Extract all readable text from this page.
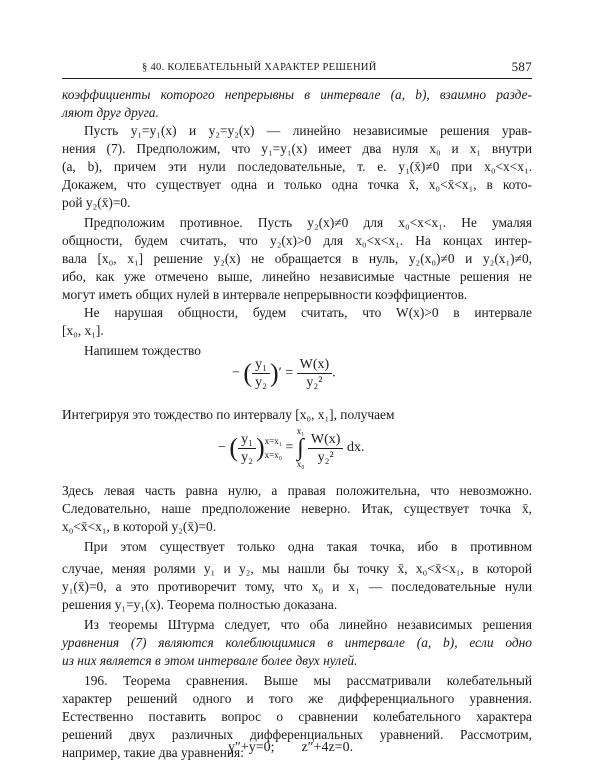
§ 40. КОЛЕБАТЕЛЬНЫЙ ХАРАКТЕР РЕШЕНИЙ	587
коэффициенты которого непрерывны в интервале (a, b), взаимно разде-
ляют друг друга.
Пусть y₁=y₁(x) и y₂=y₂(x) — линейно независимые решения урав-
нения (7). Предположим, что y₁=y₁(x) имеет два нуля x₀ и x₁ внутри
(a, b), причем эти нули последовательные, т. е. y₁(x̄)≠0 при x₀<x<x₁.
Докажем, что существует одна и только одна точка x̄, x₀<x̄<x₁, в кото-
рой y₂(x̄)=0.
Предположим противное. Пусть y₂(x)≠0 для x₀<x<x₁. Не умаляя
общности, будем считать, что y₂(x)>0 для x₀<x<x₁. На концах интер-
вала [x₀, x₁] решение y₂(x) не обращается в нуль, y₂(x₀)≠0 и y₂(x₁)≠0,
ибо, как уже отмечено выше, линейно независимые частные решения не
могут иметь общих нулей в интервале непрерывности коэффициентов.
Не нарушая общности, будем считать, что W(x)>0 в интервале
[x₀, x₁].
Напишем тождество
− ( $\frac{\text{y₁}}{\text{y₂}}$ )′ = $\frac{W(x)}{\text{y₂²}}$ .
Интегрируя это тождество по интервалу [x₀, x₁], получаем
− ( $\frac{\text{y₁}}{\text{y₂}}$ ) x=x₁
x=x₀ =
x₁
∫
x₀
$\frac{W(x)}{\text{y₂²}}$ dx.
Здесь левая часть равна нулю, а правая положительна, что невозможно.
Следовательно, наше предположение неверно. Итак, существует точка x̄,
x₀<x̄<x₁, в которой y₂(x̄)=0.
При этом существует только одна такая точка, ибо в противном
случае, меняя ролями y₁ и y₂, мы нашли бы точку x̄, x₀<x̄<x₁, в которой
y₁(x̄)=0, а это противоречит тому, что x₀ и x₁ — последовательные нули
решения y₁=y₁(x). Теорема полностью доказана.
Из теоремы Штурма следует, что оба линейно независимых решения
уравнения (7) являются колеблющимися в интервале (a, b), если одно
из них является в этом интервале более двух нулей.
196. Теорема сравнения. Выше мы рассматривали колебательный
характер решений одного и того же дифференциального уравнения.
Естественно поставить вопрос о сравнении колебательного характера
решений двух различных дифференциальных уравнений. Рассмотрим,
например, такие два уравнения:
y″+y=0; z″+4z=0.
